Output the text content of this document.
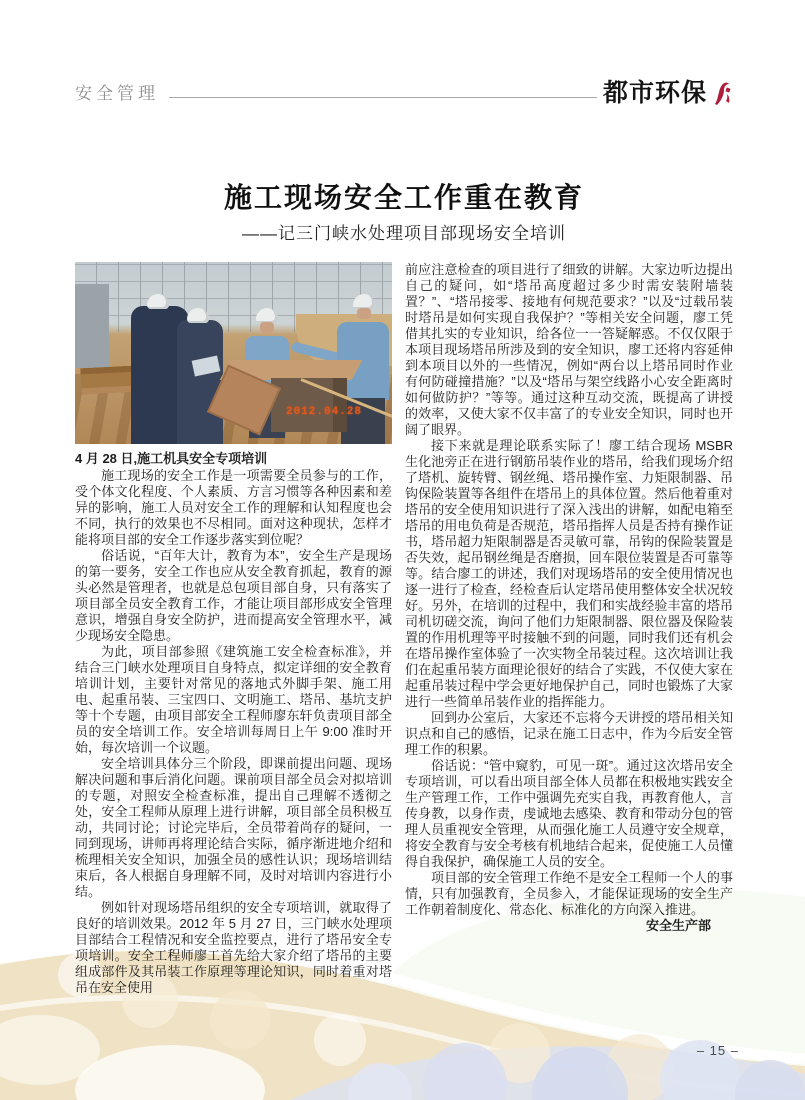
安全管理	都市环保
施工现场安全工作重在教育
——记三门峡水处理项目部现场安全培训
2012.04.28

4 月 28 日,施工机具安全专项培训

施工现场的安全工作是一项需要全员参与的工作，受个体文化程度、个人素质、方言习惯等各种因素和差异的影响，施工人员对安全工作的理解和认知程度也会不同，执行的效果也不尽相同。面对这种现状，怎样才能将项目部的安全工作逐步落实到位呢？

俗话说，“百年大计，教育为本”，安全生产是现场的第一要务，安全工作也应从安全教育抓起，教育的源头必然是管理者，也就是总包项目部自身，只有落实了项目部全员安全教育工作，才能让项目部形成安全管理意识，增强自身安全防护，进而提高安全管理水平，减少现场安全隐患。

为此，项目部参照《建筑施工安全检查标准》，并结合三门峡水处理项目自身特点，拟定详细的安全教育培训计划，主要针对常见的落地式外脚手架、施工用电、起重吊装、三宝四口、文明施工、塔吊、基坑支护等十个专题，由项目部安全工程师廖东轩负责项目部全员的安全培训工作。安全培训每周日上午 9:00 准时开始，每次培训一个议题。

安全培训具体分三个阶段，即课前提出问题、现场解决问题和事后消化问题。课前项目部全员会对拟培训的专题，对照安全检查标准，提出自己理解不透彻之处，安全工程师从原理上进行讲解，项目部全员积极互动，共同讨论；讨论完毕后，全员带着尚存的疑问，一同到现场，讲师再将理论结合实际，循序渐进地介绍和梳理相关安全知识，加强全员的感性认识；现场培训结束后，各人根据自身理解不同，及时对培训内容进行小结。

例如针对现场塔吊组织的安全专项培训，就取得了良好的培训效果。2012 年 5 月 27 日，三门峡水处理项目部结合工程情况和安全监控要点，进行了塔吊安全专项培训。安全工程师廖工首先给大家介绍了塔吊的主要组成部件及其吊装工作原理等理论知识，同时着重对塔吊在安全使用

前应注意检查的项目进行了细致的讲解。大家边听边提出自己的疑问，如“塔吊高度超过多少时需安装附墙装置？”、“塔吊接零、接地有何规范要求？”以及“过载吊装时塔吊是如何实现自我保护？”等相关安全问题，廖工凭借其扎实的专业知识，给各位一一答疑解惑。不仅仅限于本项目现场塔吊所涉及到的安全知识，廖工还将内容延伸到本项目以外的一些情况，例如“两台以上塔吊同时作业有何防碰撞措施？”以及“塔吊与架空线路小心安全距离时如何做防护？”等等。通过这种互动交流，既提高了讲授的效率，又使大家不仅丰富了的专业安全知识，同时也开阔了眼界。

接下来就是理论联系实际了！廖工结合现场 MSBR 生化池旁正在进行钢筋吊装作业的塔吊，给我们现场介绍了塔机、旋转臂、钢丝绳、塔吊操作室、力矩限制器、吊钩保险装置等各组件在塔吊上的具体位置。然后他着重对塔吊的安全使用知识进行了深入浅出的讲解，如配电箱至塔吊的用电负荷是否规范，塔吊指挥人员是否持有操作证书，塔吊超力矩限制器是否灵敏可靠，吊钩的保险装置是否失效，起吊钢丝绳是否磨损，回车限位装置是否可靠等等。结合廖工的讲述，我们对现场塔吊的安全使用情况也逐一进行了检查，经检查后认定塔吊使用整体安全状况较好。另外，在培训的过程中，我们和实战经验丰富的塔吊司机切磋交流，询问了他们力矩限制器、限位器及保险装置的作用机理等平时接触不到的问题，同时我们还有机会在塔吊操作室体验了一次实物全吊装过程。这次培训让我们在起重吊装方面理论很好的结合了实践，不仅使大家在起重吊装过程中学会更好地保护自己，同时也锻炼了大家进行一些简单吊装作业的指挥能力。

回到办公室后，大家还不忘将今天讲授的塔吊相关知识点和自己的感悟，记录在施工日志中，作为今后安全管理工作的积累。

俗话说：“管中窥豹，可见一斑”。通过这次塔吊安全专项培训，可以看出项目部全体人员都在积极地实践安全生产管理工作，工作中强调先充实自我，再教育他人，言传身教，以身作责，虔诚地去感染、教育和带动分包的管理人员重视安全管理，从而强化施工人员遵守安全规章，将安全教育与安全考核有机地结合起来，促使施工人员懂得自我保护，确保施工人员的安全。

项目部的安全管理工作绝不是安全工程师一个人的事情，只有加强教育，全员参入，才能保证现场的安全生产工作朝着制度化、常态化、标准化的方向深入推进。

安全生产部

– 15 –
